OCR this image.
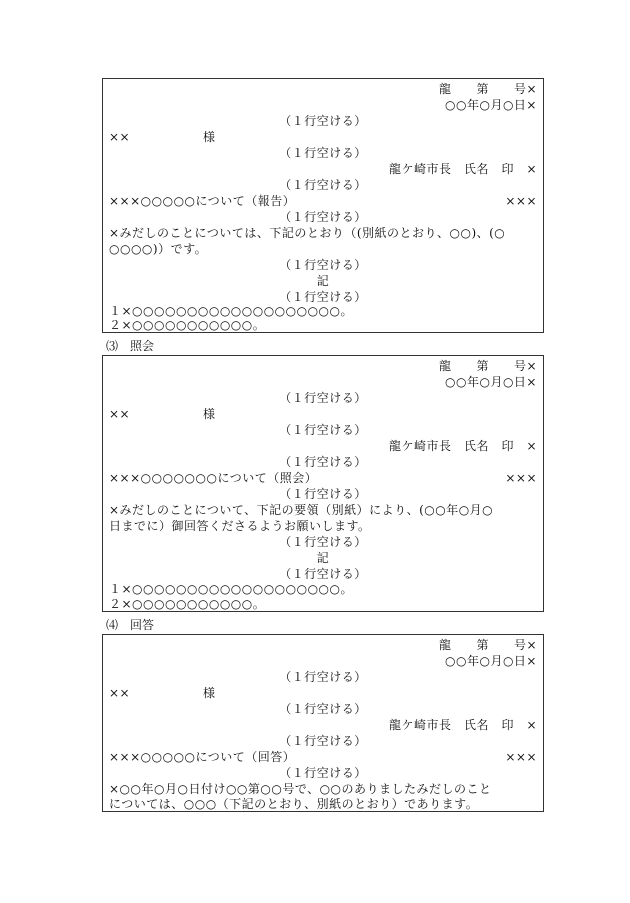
龍　　第　　号×
○○年○月○日×
（１行空ける）
××	様
（１行空ける）
龍ケ崎市長　氏名　印　×
（１行空ける）
×××○○○○○について（報告）	×××
（１行空ける）
×みだしのことについては、下記のとおり（(別紙のとおり、○○)、(○
○○○○)）です。
（１行空ける）
記
（１行空ける）
１×○○○○○○○○○○○○○○○○○○○。
２×○○○○○○○○○○○。
⑶　照会
龍　　第　　号×
○○年○月○日×
（１行空ける）
××	様
（１行空ける）
龍ケ崎市長　氏名　印　×
（１行空ける）
×××○○○○○○○について（照会）	×××
（１行空ける）
×みだしのことについて、下記の要領（別紙）により、(○○年○月○
日までに）御回答くださるようお願いします。
（１行空ける）
記
（１行空ける）
１×○○○○○○○○○○○○○○○○○○○。
２×○○○○○○○○○○○。
⑷　回答
龍　　第　　号×
○○年○月○日×
（１行空ける）
××	様
（１行空ける）
龍ケ崎市長　氏名　印　×
（１行空ける）
×××○○○○○について（回答）	×××
（１行空ける）
×○○年○月○日付け○○第○○号で、○○のありましたみだしのこと
については、○○○（下記のとおり、別紙のとおり）であります。
